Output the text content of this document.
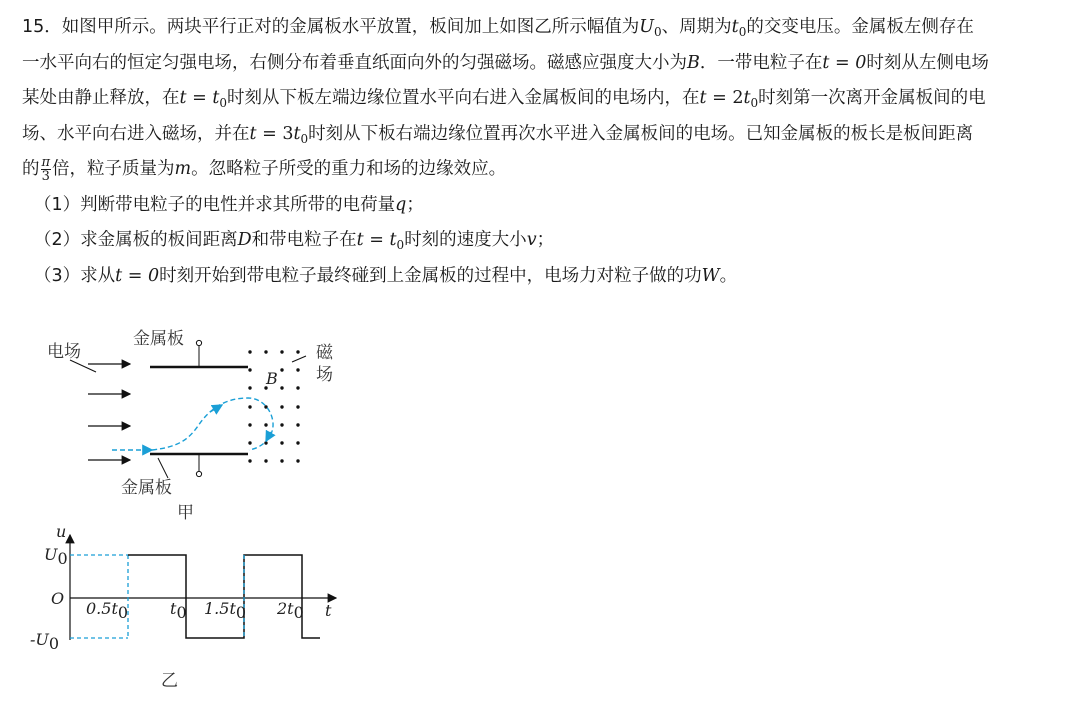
15．如图甲所示。两块平行正对的金属板水平放置，板间加上如图乙所示幅值为$U_0$、周期为$t_0$的交变电压。金属板左侧存在

一水平向右的恒定匀强电场，右侧分布着垂直纸面向外的匀强磁场。磁感应强度大小为B．一带电粒子在t = 0时刻从左侧电场

某处由静止释放，在$t = t_0$时刻从下板左端边缘位置水平向右进入金属板间的电场内，在$t = 2t_0$时刻第一次离开金属板间的电

场、水平向右进入磁场，并在$t = 3t_0$时刻从下板右端边缘位置再次水平进入金属板间的电场。已知金属板的板长是板间距离

的 $\frac{\pi}{3}$ 倍，粒子质量为m。忽略粒子所受的重力和场的边缘效应。

（1）判断带电粒子的电性并求其所带的电荷量q；

（2）求金属板的板间距离D和带电粒子在$t = t_0$时刻的速度大小v；

（3）求从t = 0时刻开始到带电粒子最终碰到上金属板的过程中，电场力对粒子做的功W。

电场
金属板
金属板
B
磁
场
甲
u
t
O
U0
-U0
0.5t0	t0 1.5t0 2t0
乙
